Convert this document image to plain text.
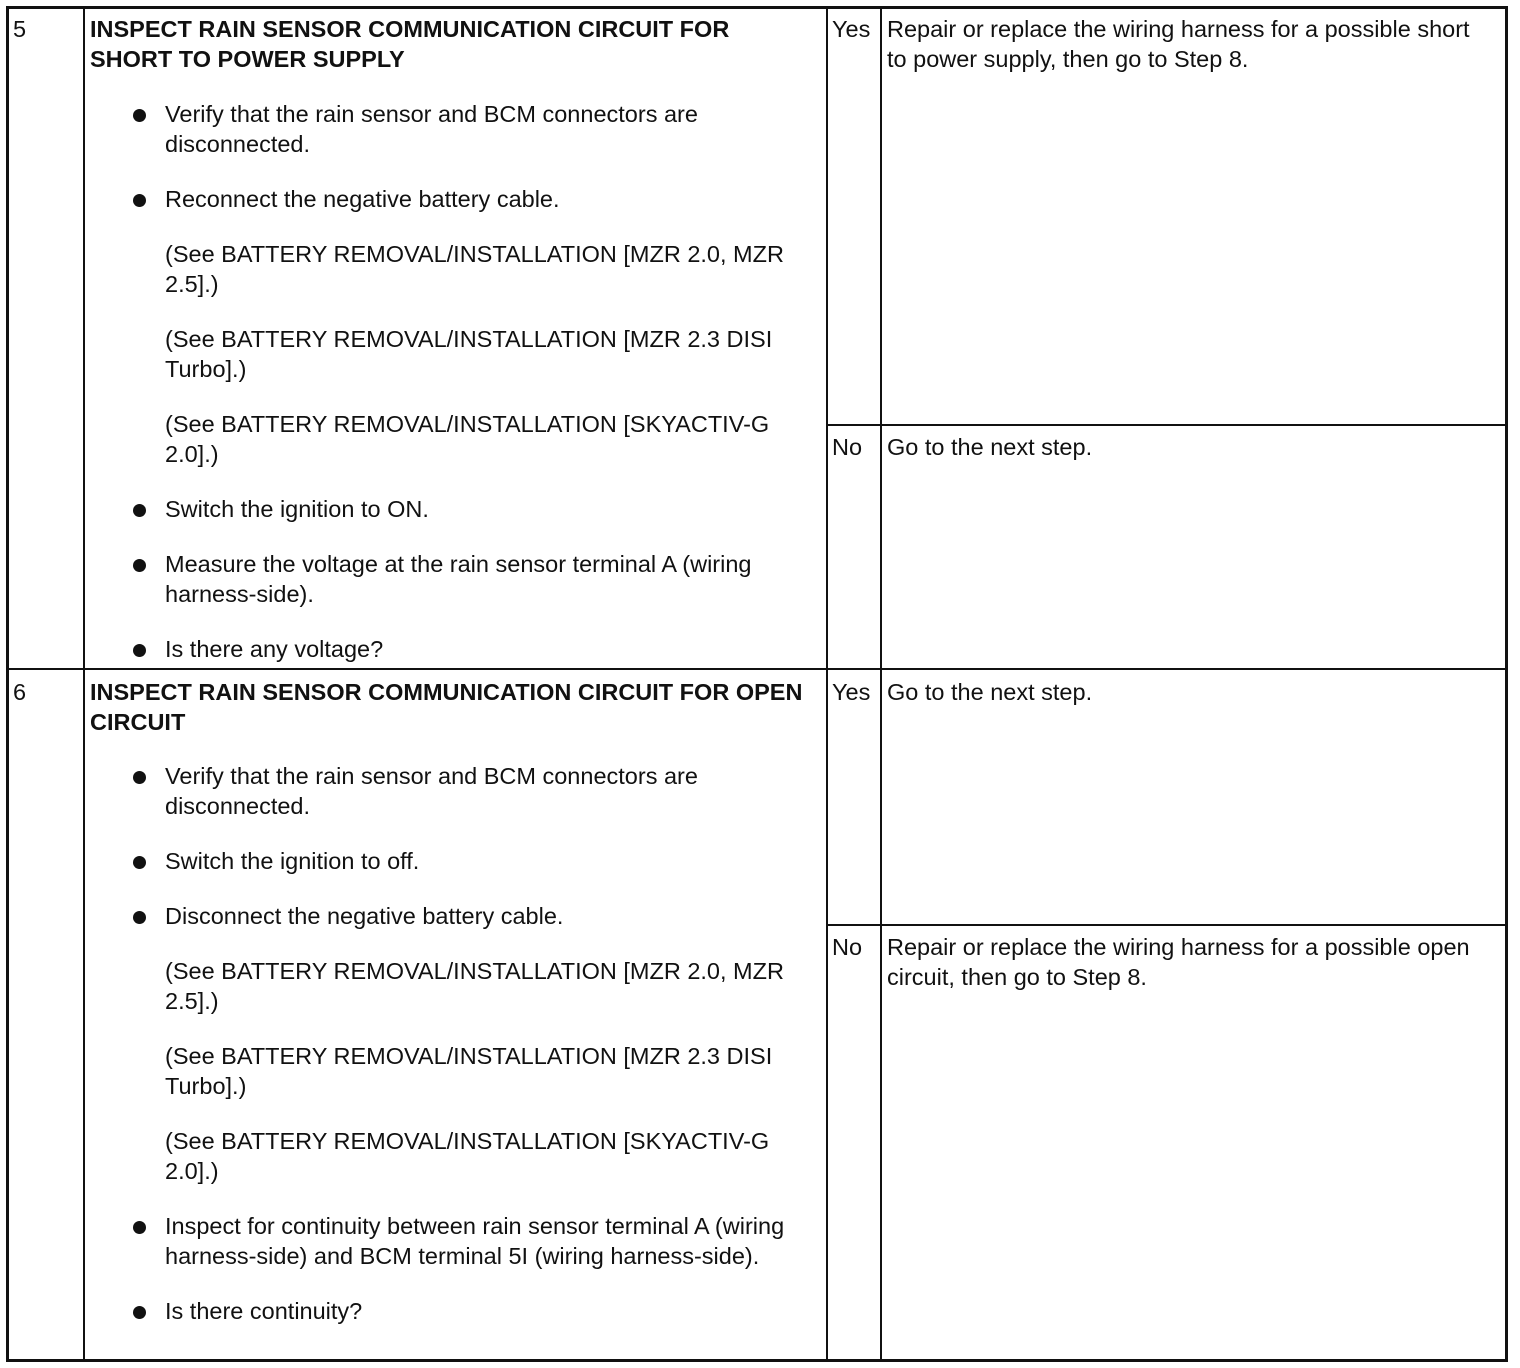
5	INSPECT RAIN SENSOR COMMUNICATION CIRCUIT FOR SHORT TO POWER SUPPLY
Verify that the rain sensor and BCM connectors are disconnected.
Reconnect the negative battery cable.
(See BATTERY REMOVAL/INSTALLATION [MZR 2.0, MZR 2.5].)
(See BATTERY REMOVAL/INSTALLATION [MZR 2.3 DISI Turbo].)
(See BATTERY REMOVAL/INSTALLATION [SKYACTIV-G 2.0].)
Switch the ignition to ON.
Measure the voltage at the rain sensor terminal A (wiring harness-side).
Is there any voltage?
Yes Repair or replace the wiring harness for a possible short to power supply, then go to Step 8.
No Go to the next step.
6	INSPECT RAIN SENSOR COMMUNICATION CIRCUIT FOR OPEN CIRCUIT
Verify that the rain sensor and BCM connectors are disconnected.
Switch the ignition to off.
Disconnect the negative battery cable.
(See BATTERY REMOVAL/INSTALLATION [MZR 2.0, MZR 2.5].)
(See BATTERY REMOVAL/INSTALLATION [MZR 2.3 DISI Turbo].)
(See BATTERY REMOVAL/INSTALLATION [SKYACTIV-G 2.0].)
Inspect for continuity between rain sensor terminal A (wiring harness-side) and BCM terminal 5I (wiring harness-side).
Is there continuity?
Yes Go to the next step.
No Repair or replace the wiring harness for a possible open circuit, then go to Step 8.
